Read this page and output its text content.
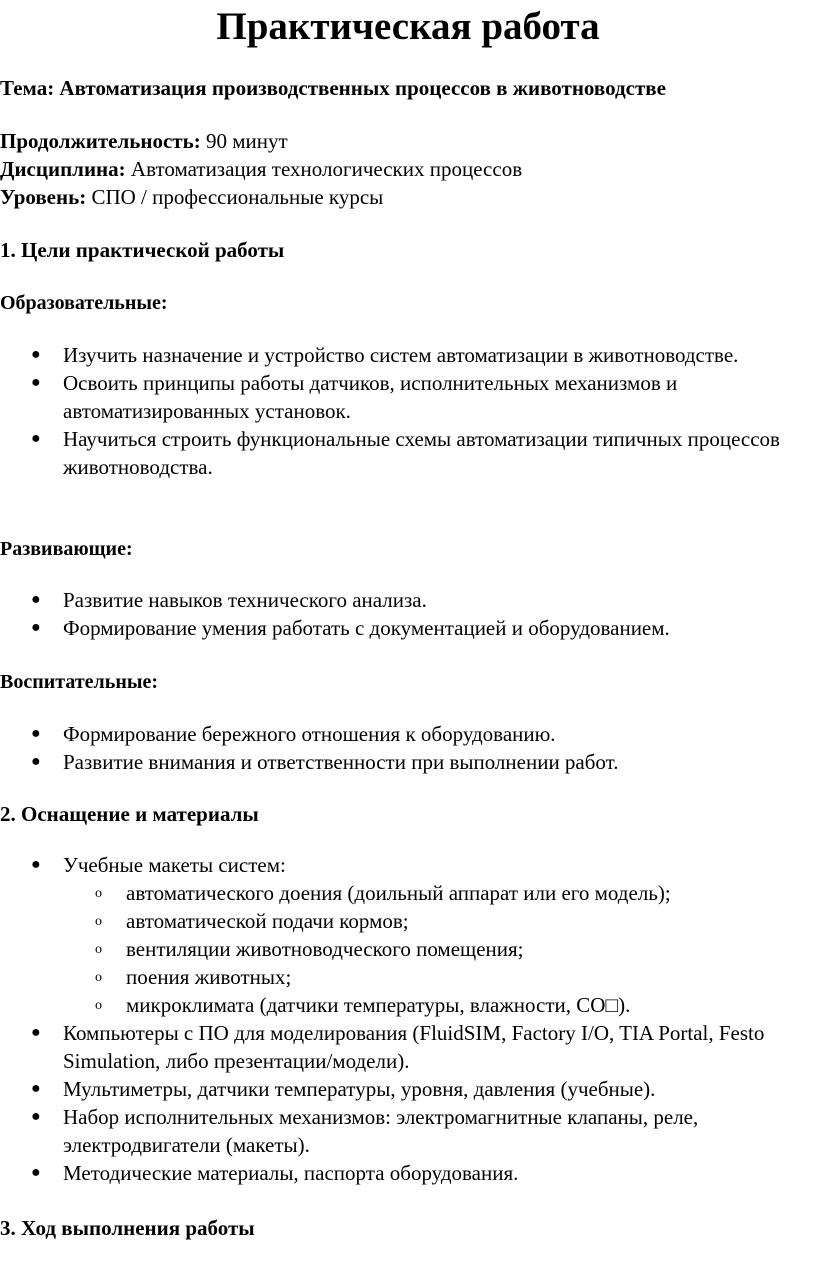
Практическая работа

Тема: Автоматизация производственных процессов в животноводстве

Продолжительность: 90 минут

Дисциплина: Автоматизация технологических процессов

Уровень: СПО / профессиональные курсы

1. Цели практической работы

Образовательные:

● Изучить назначение и устройство систем автоматизации в животноводстве.
● Освоить принципы работы датчиков, исполнительных механизмов и автоматизированных установок.
● Научиться строить функциональные схемы автоматизации типичных процессов животноводства.

Развивающие:

● Развитие навыков технического анализа.
● Формирование умения работать с документацией и оборудованием.

Воспитательные:

● Формирование бережного отношения к оборудованию.
● Развитие внимания и ответственности при выполнении работ.

2. Оснащение и материалы

● Учебные макеты систем:
o автоматического доения (доильный аппарат или его модель);
o автоматической подачи кормов;
o вентиляции животноводческого помещения;
o поения животных;
o микроклимата (датчики температуры, влажности, CO□).
● Компьютеры с ПО для моделирования (FluidSIM, Factory I/O, TIA Portal, Festo Simulation, либо презентации/модели).
● Мультиметры, датчики температуры, уровня, давления (учебные).
● Набор исполнительных механизмов: электромагнитные клапаны, реле, электродвигатели (макеты).
● Методические материалы, паспорта оборудования.

3. Ход выполнения работы
